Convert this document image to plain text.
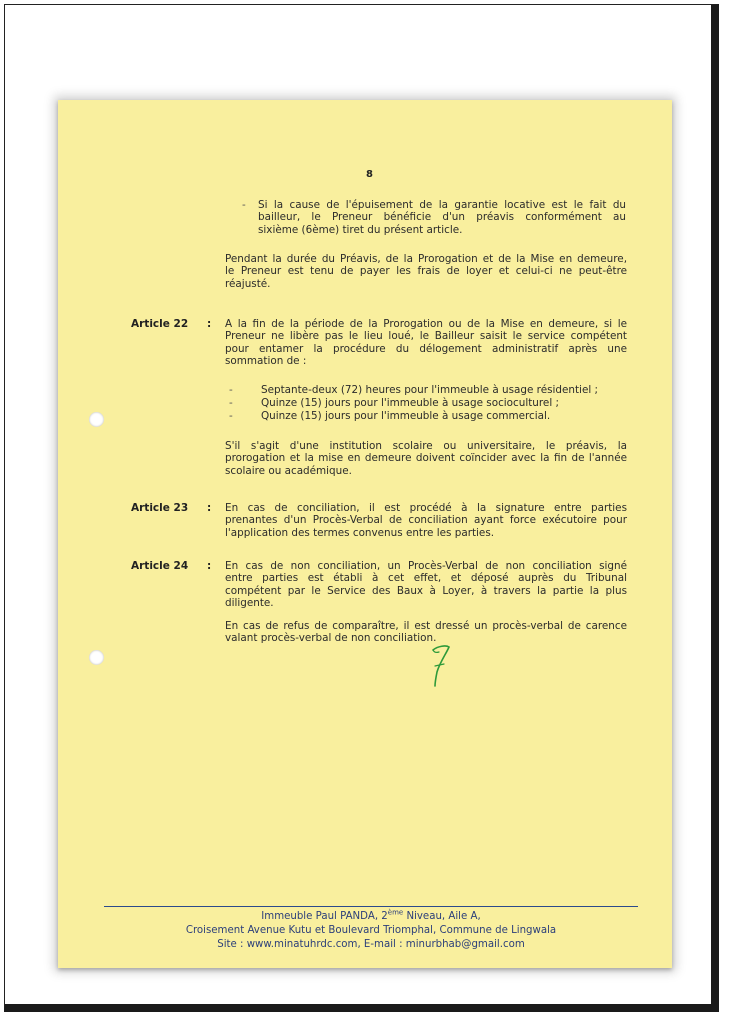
8
- Si la cause de l'épuisement de la garantie locative est le fait du

bailleur, le Preneur bénéficie d'un préavis conformément au

sixième (6ème) tiret du présent article.

Pendant la durée du Préavis, de la Prorogation et de la Mise en demeure,

le Preneur est tenu de payer les frais de loyer et celui-ci ne peut-être

réajusté.

Article 22 : A la fin de la période de la Prorogation ou de la Mise en demeure, si le

Preneur ne libère pas le lieu loué, le Bailleur saisit le service compétent

pour entamer la procédure du délogement administratif après une

sommation de :

-	Septante-deux (72) heures pour l'immeuble à usage résidentiel ;
-	Quinze (15) jours pour l'immeuble à usage socioculturel ;
-	Quinze (15) jours pour l'immeuble à usage commercial.

S'il s'agit d'une institution scolaire ou universitaire, le préavis, la

prorogation et la mise en demeure doivent coïncider avec la fin de l'année

scolaire ou académique.

Article 23 : En cas de conciliation, il est procédé à la signature entre parties

prenantes d'un Procès-Verbal de conciliation ayant force exécutoire pour

l'application des termes convenus entre les parties.

Article 24 : En cas de non conciliation, un Procès-Verbal de non conciliation signé

entre parties est établi à cet effet, et déposé auprès du Tribunal

compétent par le Service des Baux à Loyer, à travers la partie la plus

diligente.

En cas de refus de comparaître, il est dressé un procès-verbal de carence

valant procès-verbal de non conciliation.

Immeuble Paul PANDA, 2ème Niveau, Aile A,
Croisement Avenue Kutu et Boulevard Triomphal, Commune de Lingwala
Site : www.minatuhrdc.com, E-mail : minurbhab@gmail.com
